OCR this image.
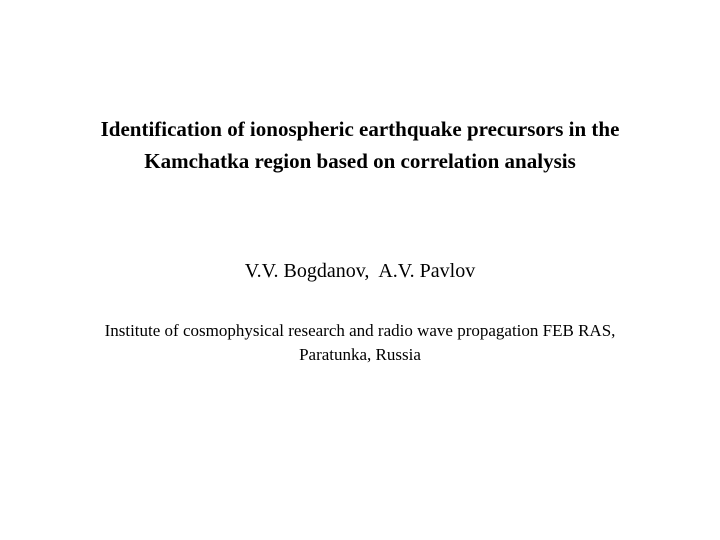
Identification of ionospheric earthquake precursors in the
Kamchatka region based on correlation analysis
V.V. Bogdanov,  A.V. Pavlov
Institute of cosmophysical research and radio wave propagation FEB RAS,
Paratunka, Russia
